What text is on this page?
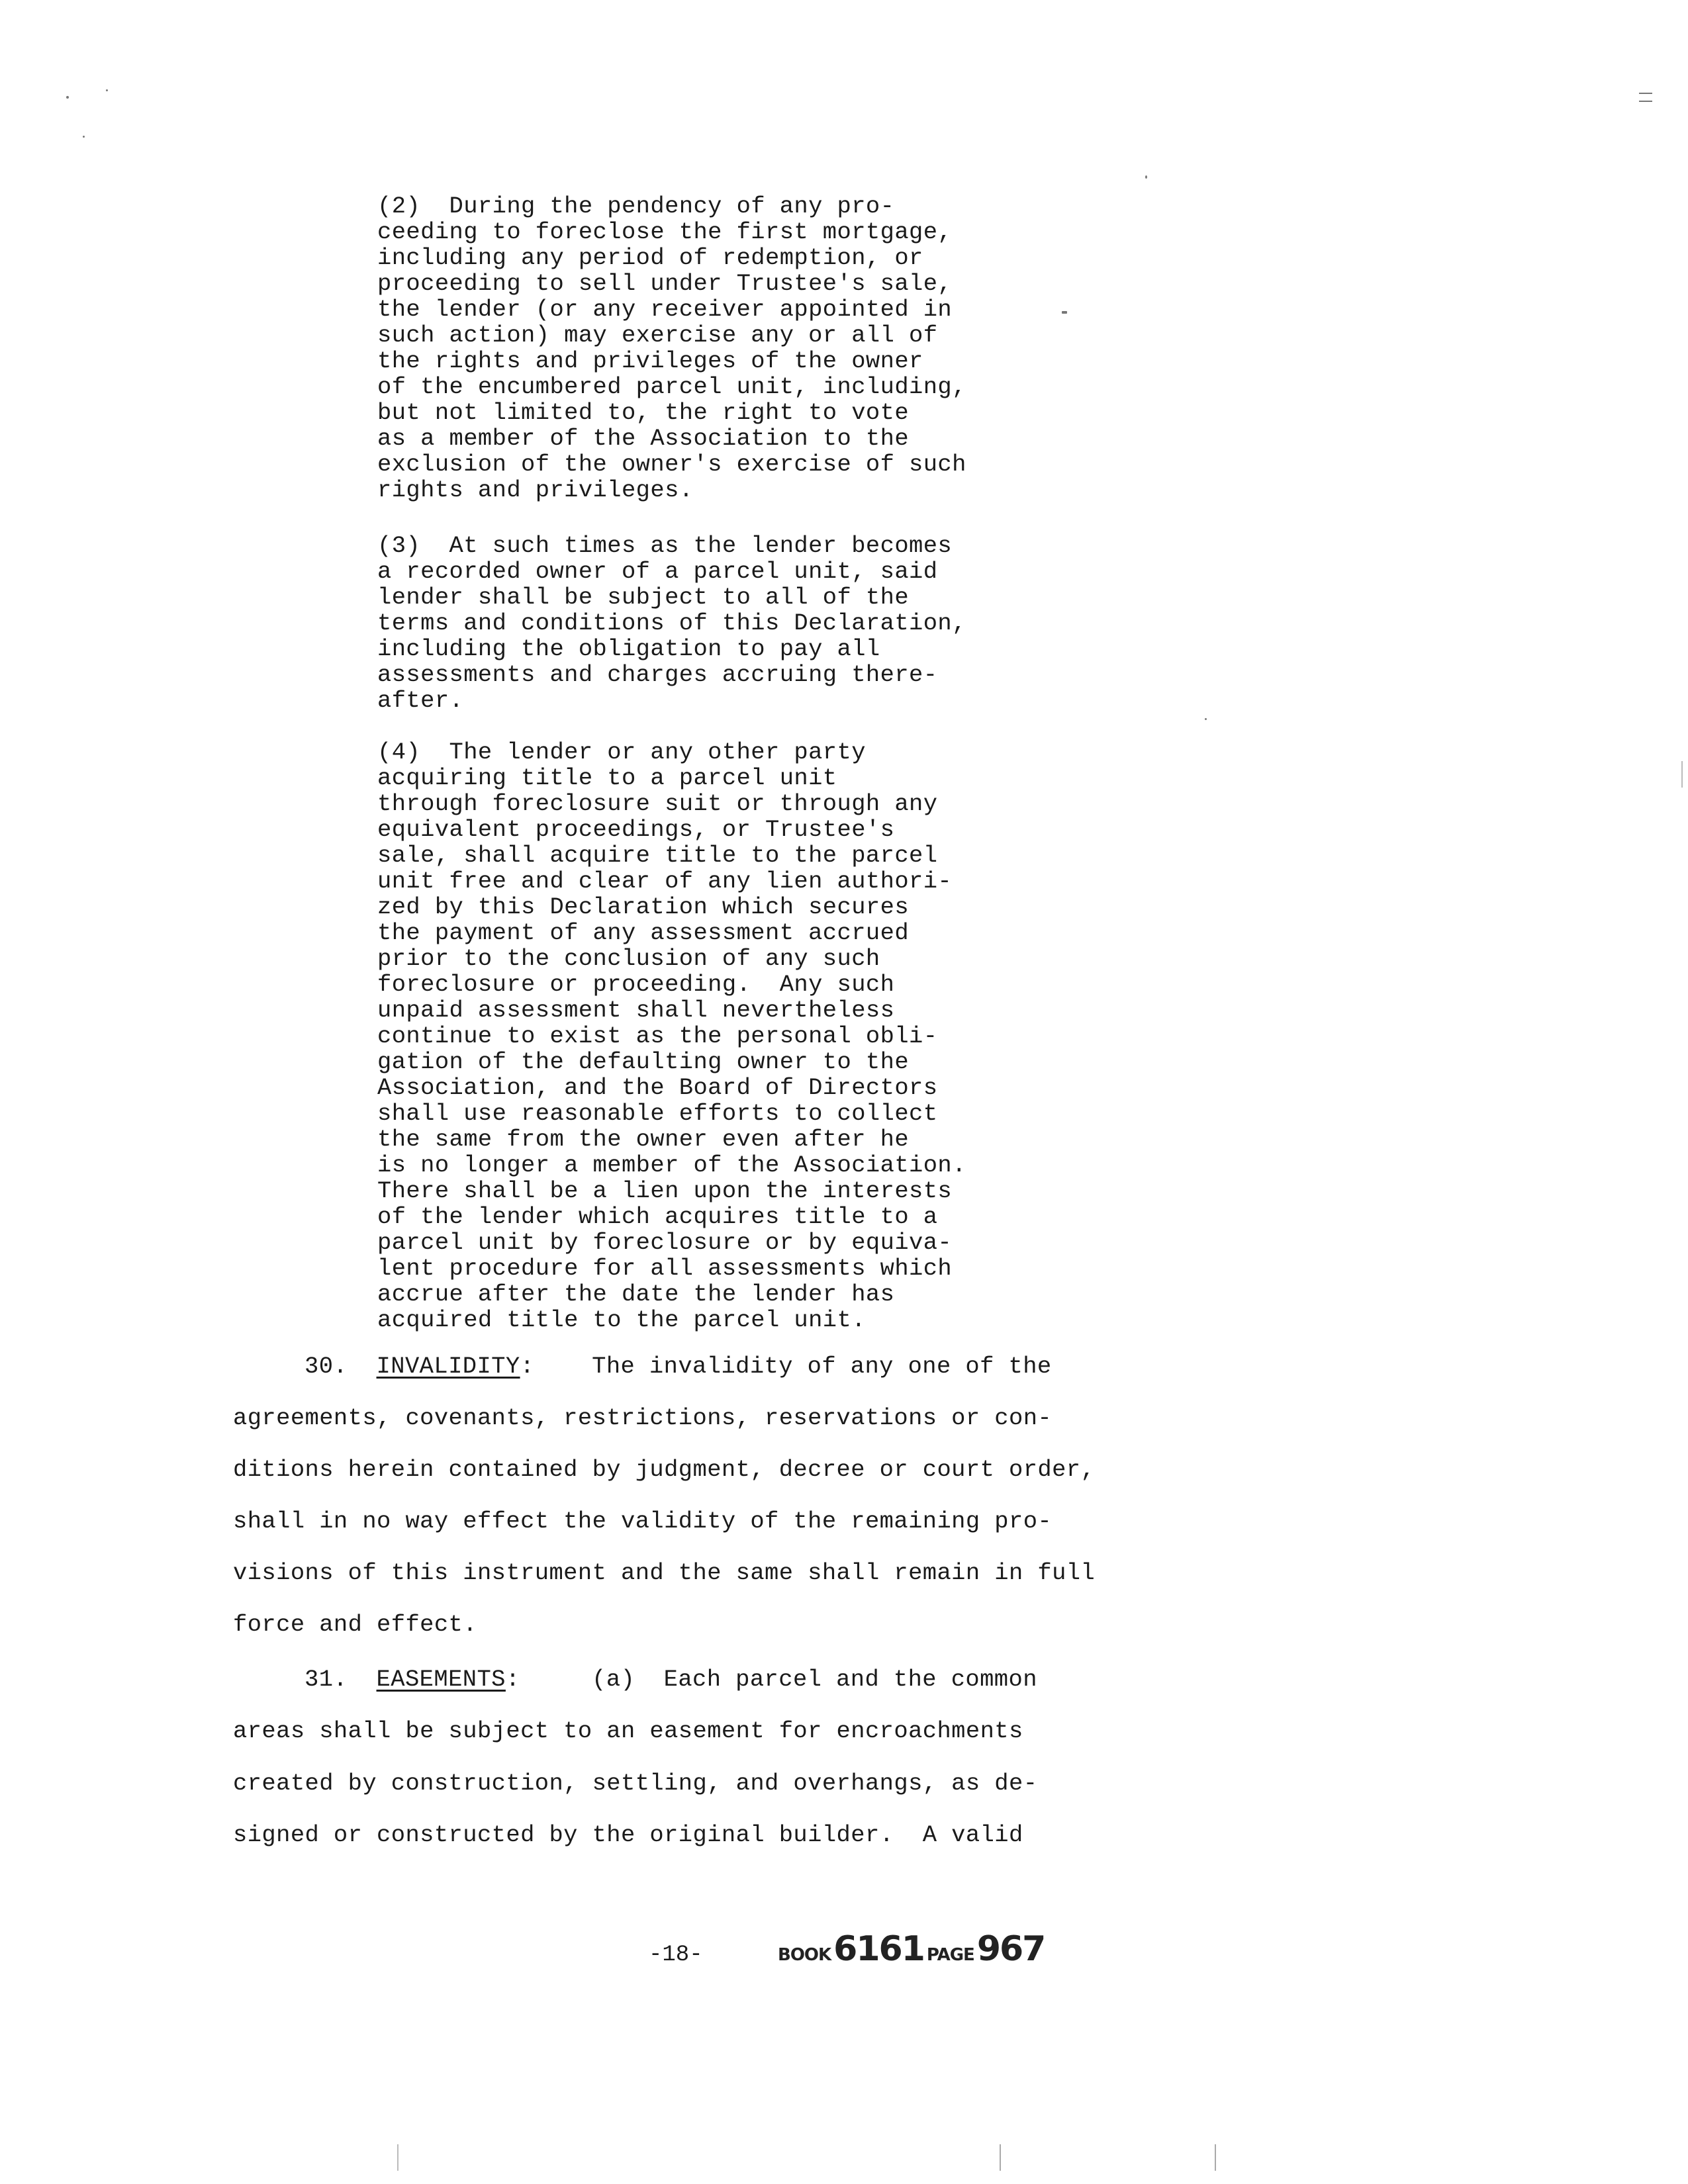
(2)  During the pendency of any pro-
ceeding to foreclose the first mortgage,
including any period of redemption, or
proceeding to sell under Trustee's sale,
the lender (or any receiver appointed in
such action) may exercise any or all of
the rights and privileges of the owner
of the encumbered parcel unit, including,
but not limited to, the right to vote
as a member of the Association to the
exclusion of the owner's exercise of such
rights and privileges.
(3)  At such times as the lender becomes
a recorded owner of a parcel unit, said
lender shall be subject to all of the
terms and conditions of this Declaration,
including the obligation to pay all
assessments and charges accruing there-
after.
(4)  The lender or any other party
acquiring title to a parcel unit
through foreclosure suit or through any
equivalent proceedings, or Trustee's
sale, shall acquire title to the parcel
unit free and clear of any lien authori-
zed by this Declaration which secures
the payment of any assessment accrued
prior to the conclusion of any such
foreclosure or proceeding.  Any such
unpaid assessment shall nevertheless
continue to exist as the personal obli-
gation of the defaulting owner to the
Association, and the Board of Directors
shall use reasonable efforts to collect
the same from the owner even after he
is no longer a member of the Association.
There shall be a lien upon the interests
of the lender which acquires title to a
parcel unit by foreclosure or by equiva-
lent procedure for all assessments which
accrue after the date the lender has
acquired title to the parcel unit.
30. INVALIDITY:    The invalidity of any one of the
agreements, covenants, restrictions, reservations or con-
ditions herein contained by judgment, decree or court order,
shall in no way effect the validity of the remaining pro-
visions of this instrument and the same shall remain in full
force and effect.
31. EASEMENTS:     (a)  Each parcel and the common
areas shall be subject to an easement for encroachments
created by construction, settling, and overhangs, as de-
signed or constructed by the original builder.  A valid
-18-	BOOK6161 PAGE967
